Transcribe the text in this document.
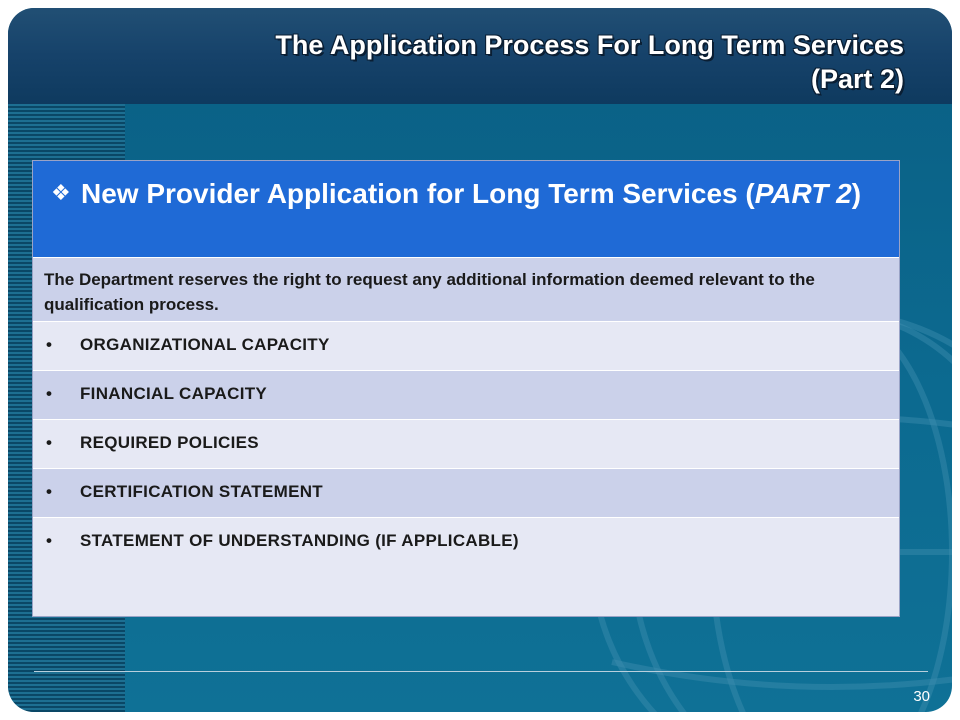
The Application Process For Long Term Services
(Part 2)
❖ New Provider Application for Long Term Services (PART 2)
The Department reserves the right to request any additional information deemed relevant to the qualification process.
• ORGANIZATIONAL CAPACITY
• FINANCIAL CAPACITY
• REQUIRED POLICIES
• CERTIFICATION STATEMENT
• STATEMENT OF UNDERSTANDING (IF APPLICABLE)
30
